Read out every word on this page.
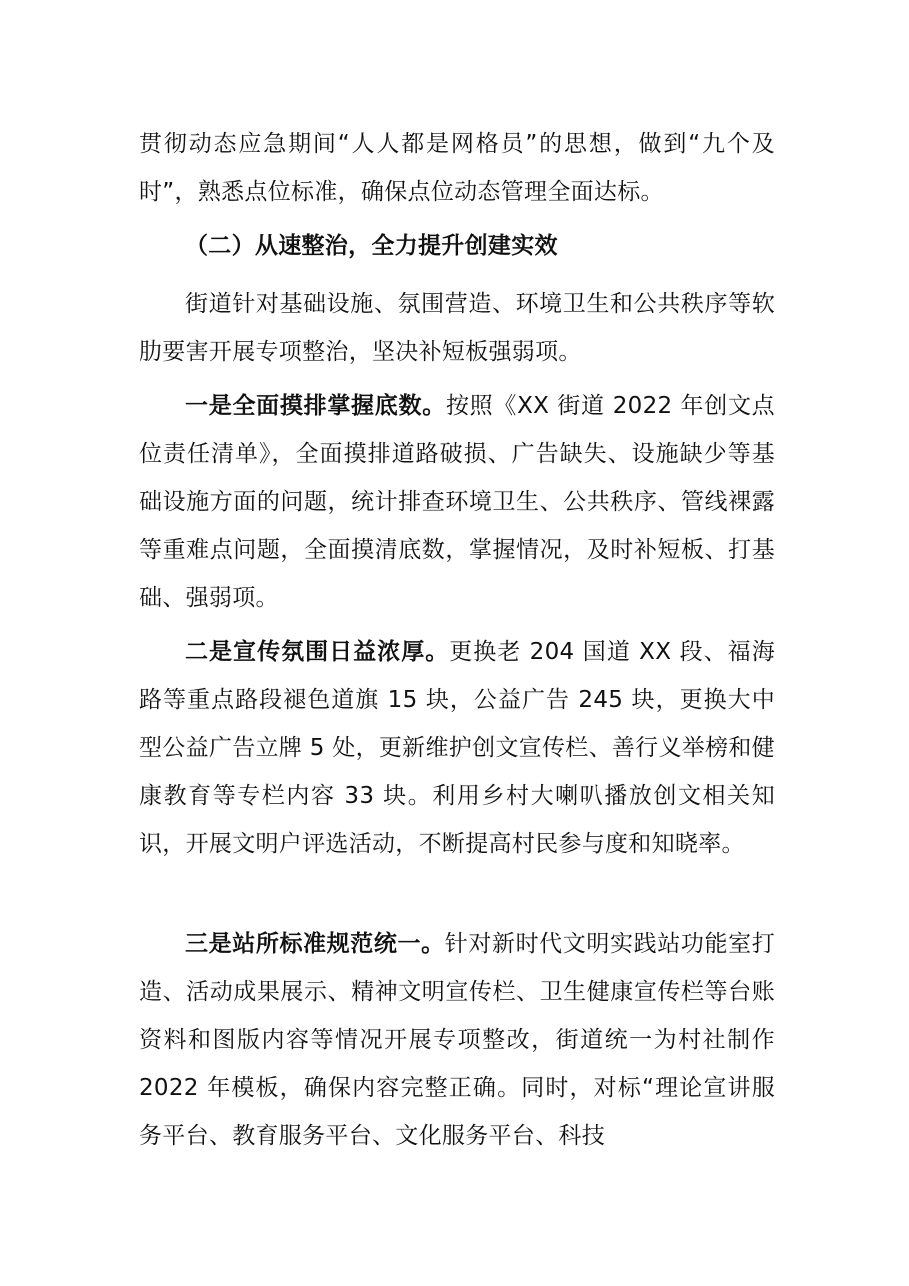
贯彻动态应急期间“人人都是网格员”的思想，做到“九个及时”，熟悉点位标准，确保点位动态管理全面达标。

（二）从速整治，全力提升创建实效

街道针对基础设施、氛围营造、环境卫生和公共秩序等软肋要害开展专项整治，坚决补短板强弱项。

一是全面摸排掌握底数。按照《XX 街道 2022 年创文点位责任清单》，全面摸排道路破损、广告缺失、设施缺少等基础设施方面的问题，统计排查环境卫生、公共秩序、管线裸露等重难点问题，全面摸清底数，掌握情况，及时补短板、打基础、强弱项。

二是宣传氛围日益浓厚。更换老 204 国道 XX 段、福海路等重点路段褪色道旗 15 块，公益广告 245 块，更换大中型公益广告立牌 5 处，更新维护创文宣传栏、善行义举榜和健康教育等专栏内容 33 块。利用乡村大喇叭播放创文相关知识，开展文明户评选活动，不断提高村民参与度和知晓率。

三是站所标准规范统一。针对新时代文明实践站功能室打造、活动成果展示、精神文明宣传栏、卫生健康宣传栏等台账资料和图版内容等情况开展专项整改，街道统一为村社制作 2022 年模板，确保内容完整正确。同时，对标“理论宣讲服务平台、教育服务平台、文化服务平台、科技
